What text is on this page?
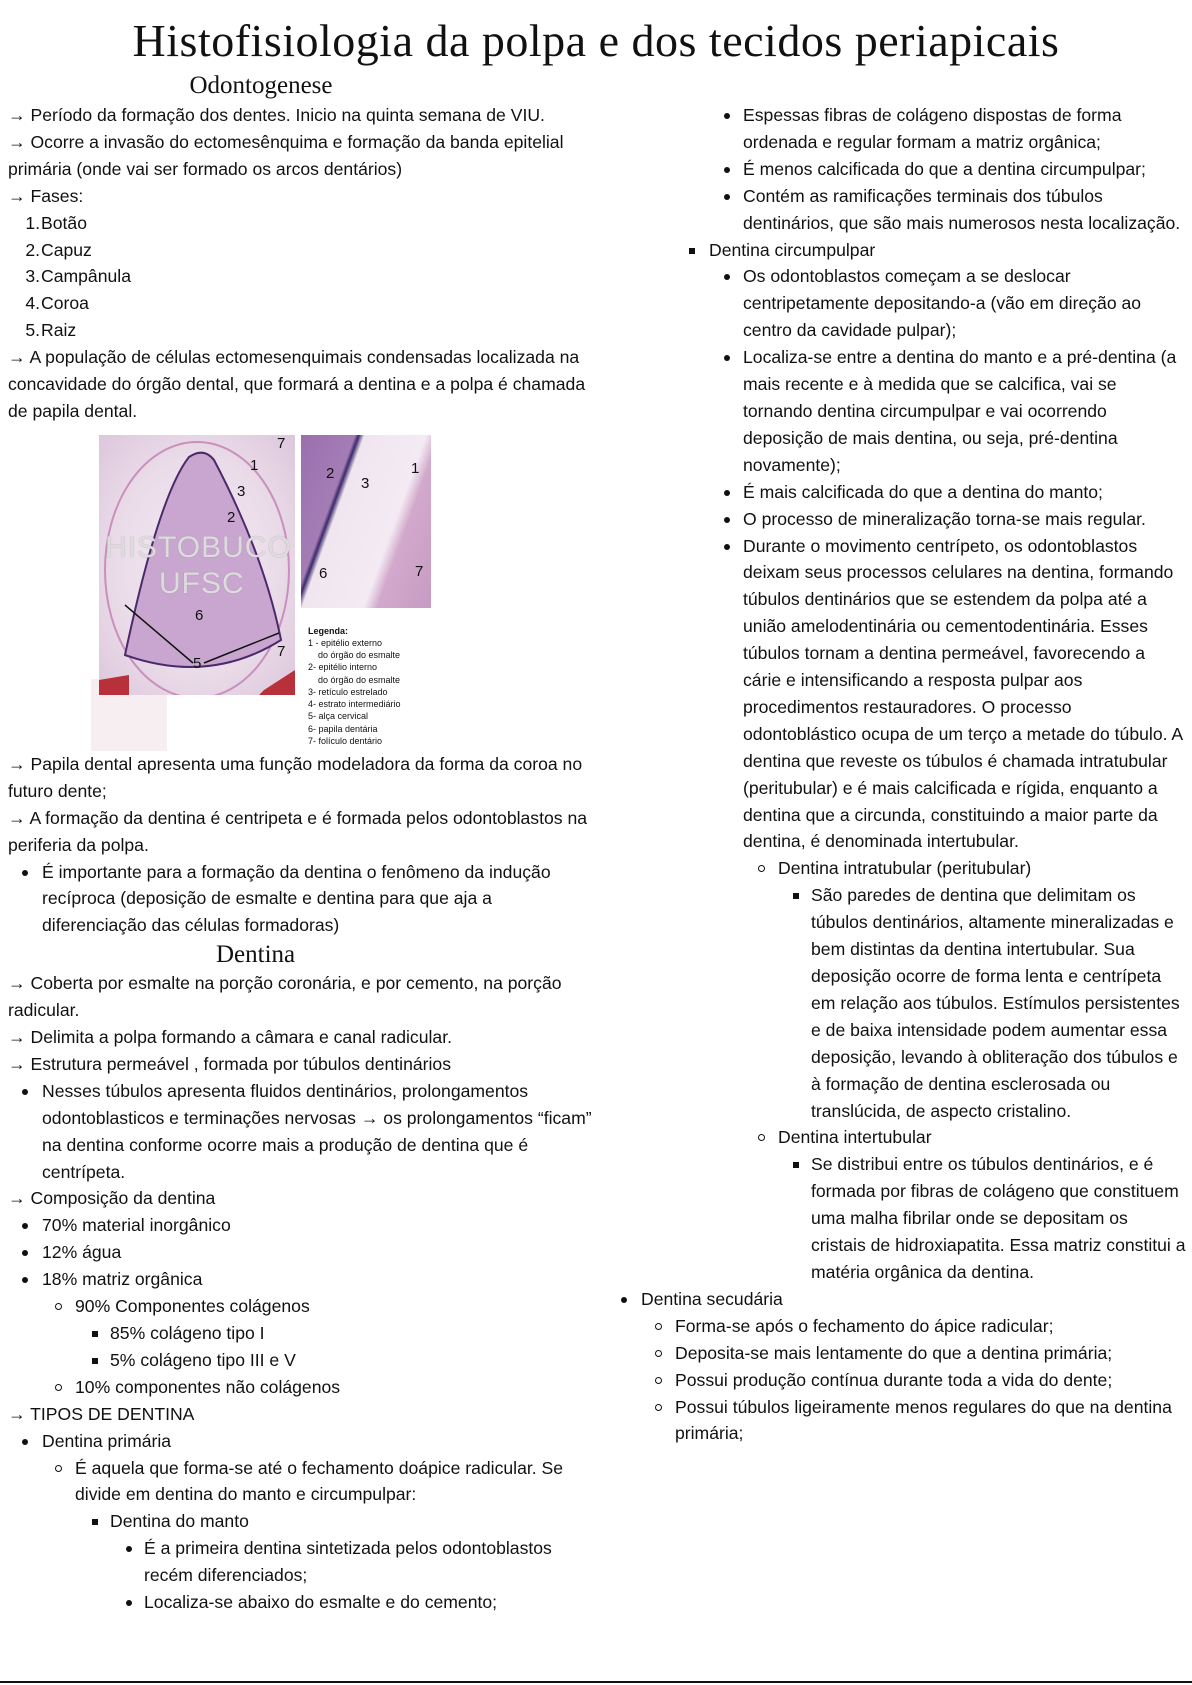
Histofisiologia da polpa e dos tecidos periapicais
Odontogenese
→ Período da formação dos dentes. Inicio na quinta semana de VIU.
→ Ocorre a invasão do ectomesênquima e formação da banda epitelial primária (onde vai ser formado os arcos dentários)
→ Fases:
1. Botão
2. Capuz
3. Campânula
4. Coroa
5. Raiz
→ A população de células ectomesenquimais condensadas localizada na concavidade do órgão dental, que formará a dentina e a polpa é chamada de papila dental.
HISTOBUCO
UFSC
1
2
3
5
6
7
7
2
3
1
6	7
Legenda:
1 - epitélio externo
do órgão do esmalte
2- epitélio interno
do órgão do esmalte
3- retículo estrelado
4- estrato intermediário
5- alça cervical
6- papila dentária
7- folículo dentário
→ Papila dental apresenta uma função modeladora da forma da coroa no futuro dente;
→ A formação da dentina é centripeta e é formada pelos odontoblastos na periferia da polpa.
É importante para a formação da dentina o fenômeno da indução recíproca (deposição de esmalte e dentina para que aja a diferenciação das células formadoras)
Dentina
→ Coberta por esmalte na porção coronária, e por cemento, na porção radicular.
→ Delimita a polpa formando a câmara e canal radicular.
→ Estrutura permeável , formada por túbulos dentinários
Nesses túbulos apresenta fluidos dentinários, prolongamentos odontoblasticos e terminações nervosas → os prolongamentos “ficam” na dentina conforme ocorre mais a produção de dentina que é centrípeta.
→ Composição da dentina
70% material inorgânico
12% água
18% matriz orgânica
90% Componentes colágenos
85% colágeno tipo I
5% colágeno tipo III e V
10% componentes não colágenos
→ TIPOS DE DENTINA
Dentina primária
É aquela que forma-se até o fechamento doápice radicular. Se divide em dentina do manto e circumpulpar:
Dentina do manto
É a primeira dentina sintetizada pelos odontoblastos recém diferenciados;
Localiza-se abaixo do esmalte e do cemento;
Espessas fibras de colágeno dispostas de forma ordenada e regular formam a matriz orgânica;
É menos calcificada do que a dentina circumpulpar;
Contém as ramificações terminais dos túbulos dentinários, que são mais numerosos nesta localização.
Dentina circumpulpar
Os odontoblastos começam a se deslocar centripetamente depositando-a (vão em direção ao centro da cavidade pulpar);
Localiza-se entre a dentina do manto e a pré-dentina (a mais recente e à medida que se calcifica, vai se tornando dentina circumpulpar e vai ocorrendo deposição de mais dentina, ou seja, pré-dentina novamente);
É mais calcificada do que a dentina do manto;
O processo de mineralização torna-se mais regular.
Durante o movimento centrípeto, os odontoblastos deixam seus processos celulares na dentina, formando túbulos dentinários que se estendem da polpa até a união amelodentinária ou cementodentinária. Esses túbulos tornam a dentina permeável, favorecendo a cárie e intensificando a resposta pulpar aos procedimentos restauradores. O processo odontoblástico ocupa de um terço a metade do túbulo. A dentina que reveste os túbulos é chamada intratubular (peritubular) e é mais calcificada e rígida, enquanto a dentina que a circunda, constituindo a maior parte da dentina, é denominada intertubular.
Dentina intratubular (peritubular)
São paredes de dentina que delimitam os túbulos dentinários, altamente mineralizadas e bem distintas da dentina intertubular. Sua deposição ocorre de forma lenta e centrípeta em relação aos túbulos. Estímulos persistentes e de baixa intensidade podem aumentar essa deposição, levando à obliteração dos túbulos e à formação de dentina esclerosada ou translúcida, de aspecto cristalino.
Dentina intertubular
Se distribui entre os túbulos dentinários, e é formada por fibras de colágeno que constituem uma malha fibrilar onde se depositam os cristais de hidroxiapatita. Essa matriz constitui a matéria orgânica da dentina.
Dentina secudária
Forma-se após o fechamento do ápice radicular;
Deposita-se mais lentamente do que a dentina primária;
Possui produção contínua durante toda a vida do dente;
Possui túbulos ligeiramente menos regulares do que na dentina primária;
